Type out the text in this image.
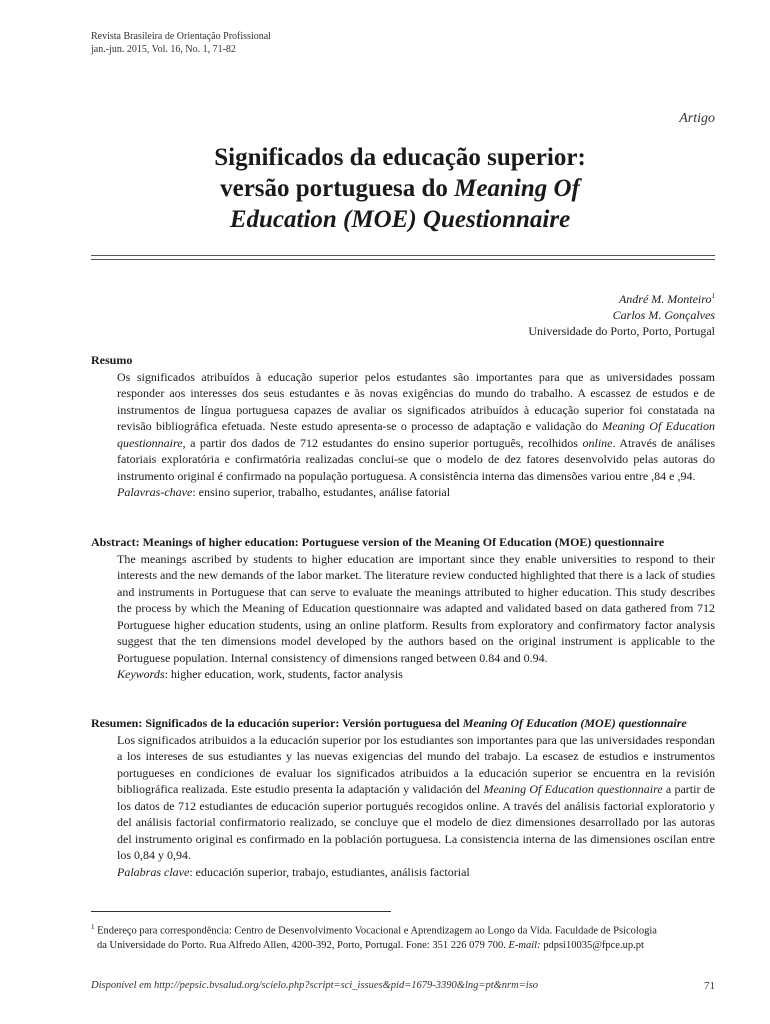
Revista Brasileira de Orientação Profissional
jan.-jun. 2015, Vol. 16, No. 1, 71-82
Artigo
Significados da educação superior:
versão portuguesa do Meaning Of
Education (MOE) Questionnaire
André M. Monteiro$^1$
Carlos M. Gonçalves
Universidade do Porto, Porto, Portugal
Resumo
Os significados atribuídos à educação superior pelos estudantes são importantes para que as universidades possam responder aos interesses dos seus estudantes e às novas exigências do mundo do trabalho. A escassez de estudos e de instrumentos de língua portuguesa capazes de avaliar os significados atribuídos à educação superior foi constatada na revisão bibliográfica efetuada. Neste estudo apresenta-se o processo de adaptação e validação do Meaning Of Education questionnaire, a partir dos dados de 712 estudantes do ensino superior português, recolhidos online. Através de análises fatoriais exploratória e confirmatória realizadas conclui-se que o modelo de dez fatores desenvolvido pelas autoras do instrumento original é confirmado na população portuguesa. A consistência interna das dimensões variou entre ,84 e ,94.
Palavras-chave: ensino superior, trabalho, estudantes, análise fatorial
Abstract: Meanings of higher education: Portuguese version of the Meaning Of Education (MOE) questionnaire
The meanings ascribed by students to higher education are important since they enable universities to respond to their interests and the new demands of the labor market. The literature review conducted highlighted that there is a lack of studies and instruments in Portuguese that can serve to evaluate the meanings attributed to higher education. This study describes the process by which the Meaning of Education questionnaire was adapted and validated based on data gathered from 712 Portuguese higher education students, using an online platform. Results from exploratory and confirmatory factor analysis suggest that the ten dimensions model developed by the authors based on the original instrument is applicable to the Portuguese population. Internal consistency of dimensions ranged between 0.84 and 0.94.
Keywords: higher education, work, students, factor analysis
Resumen: Significados de la educación superior: Versión portuguesa del Meaning Of Education (MOE) questionnaire
Los significados atribuidos a la educación superior por los estudiantes son importantes para que las universidades respondan a los intereses de sus estudiantes y las nuevas exigencias del mundo del trabajo. La escasez de estudios e instrumentos portugueses en condiciones de evaluar los significados atribuidos a la educación superior se encuentra en la revisión bibliográfica realizada. Este estudio presenta la adaptación y validación del Meaning Of Education questionnaire a partir de los datos de 712 estudiantes de educación superior portugués recogidos online. A través del análisis factorial exploratorio y del análisis factorial confirmatorio realizado, se concluye que el modelo de diez dimensiones desarrollado por las autoras del instrumento original es confirmado en la población portuguesa. La consistencia interna de las dimensiones oscilan entre los 0,84 y 0,94.
Palabras clave: educación superior, trabajo, estudiantes, análisis factorial
$^1$ Endereço para correspondência: Centro de Desenvolvimento Vocacional e Aprendizagem ao Longo da Vida. Faculdade de Psicologia
da Universidade do Porto. Rua Alfredo Allen, 4200-392, Porto, Portugal. Fone: 351 226 079 700. E-mail: pdpsi10035@fpce.up.pt
Disponível em http://pepsic.bvsalud.org/scielo.php?script=sci_issues&pid=1679-3390&lng=pt&nrm=iso	71
